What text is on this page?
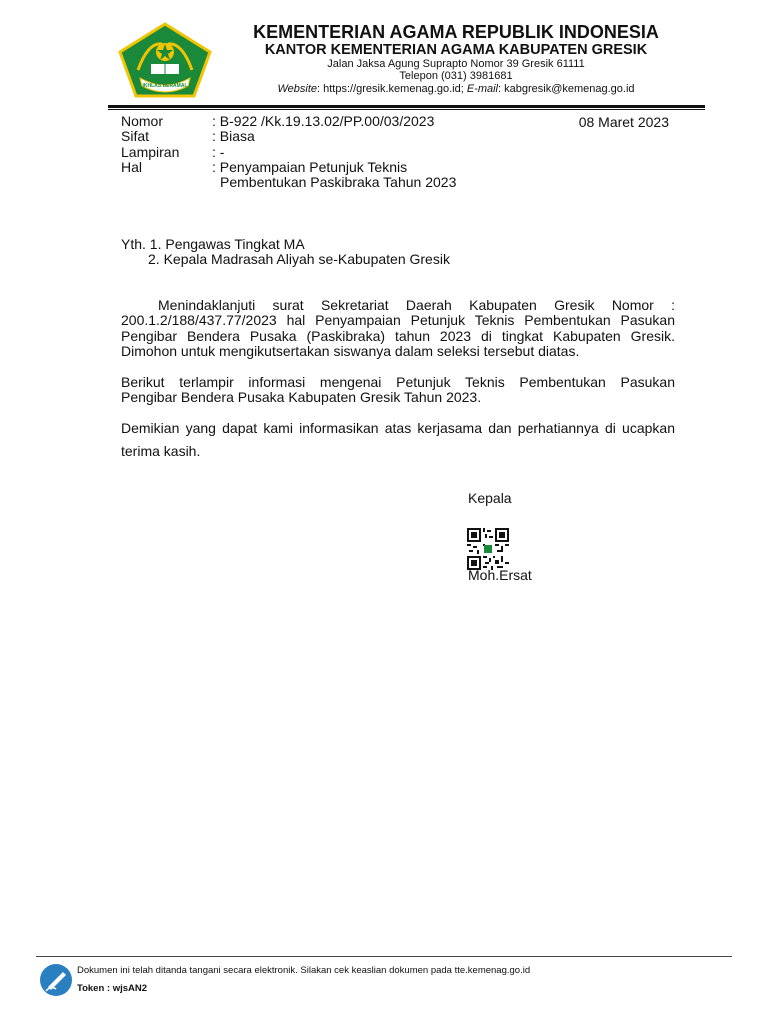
IKHLAS BERAMAL
KEMENTERIAN AGAMA REPUBLIK INDONESIA
KANTOR KEMENTERIAN AGAMA KABUPATEN GRESIK
Jalan Jaksa Agung Suprapto Nomor 39 Gresik 61111
Telepon (031) 3981681
Website: https://gresik.kemenag.go.id; E-mail: kabgresik@kemenag.go.id
Nomor	: B-922 /Kk.19.13.02/PP.00/03/2023	08 Maret 2023
Sifat	: Biasa
Lampiran : -
Hal	: Penyampaian Petunjuk Teknis
Pembentukan Paskibraka Tahun 2023
Yth. 1. Pengawas Tingkat MA
2. Kepala Madrasah Aliyah se-Kabupaten Gresik
Menindaklanjuti surat Sekretariat Daerah Kabupaten Gresik Nomor :
200.1.2/188/437.77/2023 hal Penyampaian Petunjuk Teknis Pembentukan Pasukan
Pengibar Bendera Pusaka (Paskibraka) tahun 2023 di tingkat Kabupaten Gresik.
Dimohon untuk mengikutsertakan siswanya dalam seleksi tersebut diatas.
Berikut terlampir informasi mengenai Petunjuk Teknis Pembentukan Pasukan
Pengibar Bendera Pusaka Kabupaten Gresik Tahun 2023.
Demikian yang dapat kami informasikan atas kerjasama dan perhatiannya di ucapkan
terima kasih.
Kepala
Moh.Ersat
Dokumen ini telah ditanda tangani secara elektronik. Silakan cek keaslian dokumen pada tte.kemenag.go.id
Token : wjsAN2
